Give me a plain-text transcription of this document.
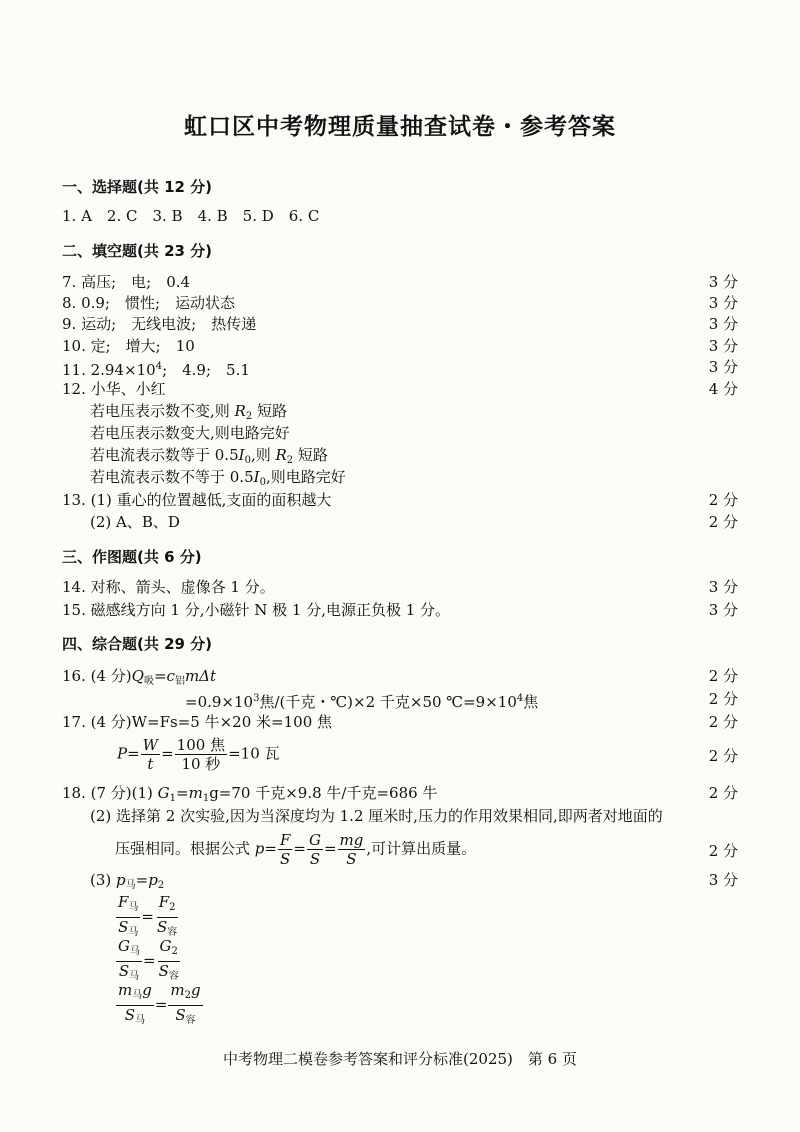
虹口区中考物理质量抽查试卷・参考答案
一、选择题(共 12 分)
1. A　2. C　3. B　4. B　5. D　6. C
二、填空题(共 23 分)
7. 高压;　电;　0.4	3 分
8. 0.9;　惯性;　运动状态	3 分
9. 运动;　无线电波;　热传递	3 分
10. 定;　增大;　10	3 分
11. $2.94\times 10^4$;　4.9;　5.1	3 分
12. 小华、小红	4 分
若电压表示数不变,则 $R_2$ 短路
若电压表示数变大,则电路完好
若电流表示数等于 $0.5I_0$,则 $R_2$ 短路
若电流表示数不等于 $0.5I_0$,则电路完好
13. (1) 重心的位置越低,支面的面积越大	2 分
(2) A、B、D	2 分
三、作图题(共 6 分)
14. 对称、箭头、虚像各 1 分。	3 分
15. 磁感线方向 1 分,小磁针 N 极 1 分,电源正负极 1 分。	3 分
四、综合题(共 29 分)
16. (4 分)$Q_吸=c_铝m\Delta t$	2 分
$=0.9\times 10^3$焦/(千克・℃)×2 千克×50 $℃=9\times 10^4$焦	2 分
17. (4 分)W=Fs=5 牛×20 米=100 焦	2 分
$P= \frac{W}{t} = \frac{\text{100 焦}}{\text{10 秒}} =10$ 瓦	2 分
18. (7 分)(1) $G_1=m_1g=70$ 千克×9.8 牛/千克=686 牛	2 分
(2) 选择第 2 次实验,因为当深度均为 1.2 厘米时,压力的作用效果相同,即两者对地面的
压强相同。根据公式 $p= \frac{F}{S} = \frac{G}{S} = \frac{mg}{S}$ ,可计算出质量。	2 分
(3) $p_马=p_2$	3 分
$\frac{F_马}{S_马} = \frac{F_2}{S_容}$
$\frac{G_马}{S_马} = \frac{G_2}{S_容}$
$\frac{m_马g}{S_马} = \frac{m_2g}{S_容}$
中考物理二模卷参考答案和评分标准(2025)　第 6 页
